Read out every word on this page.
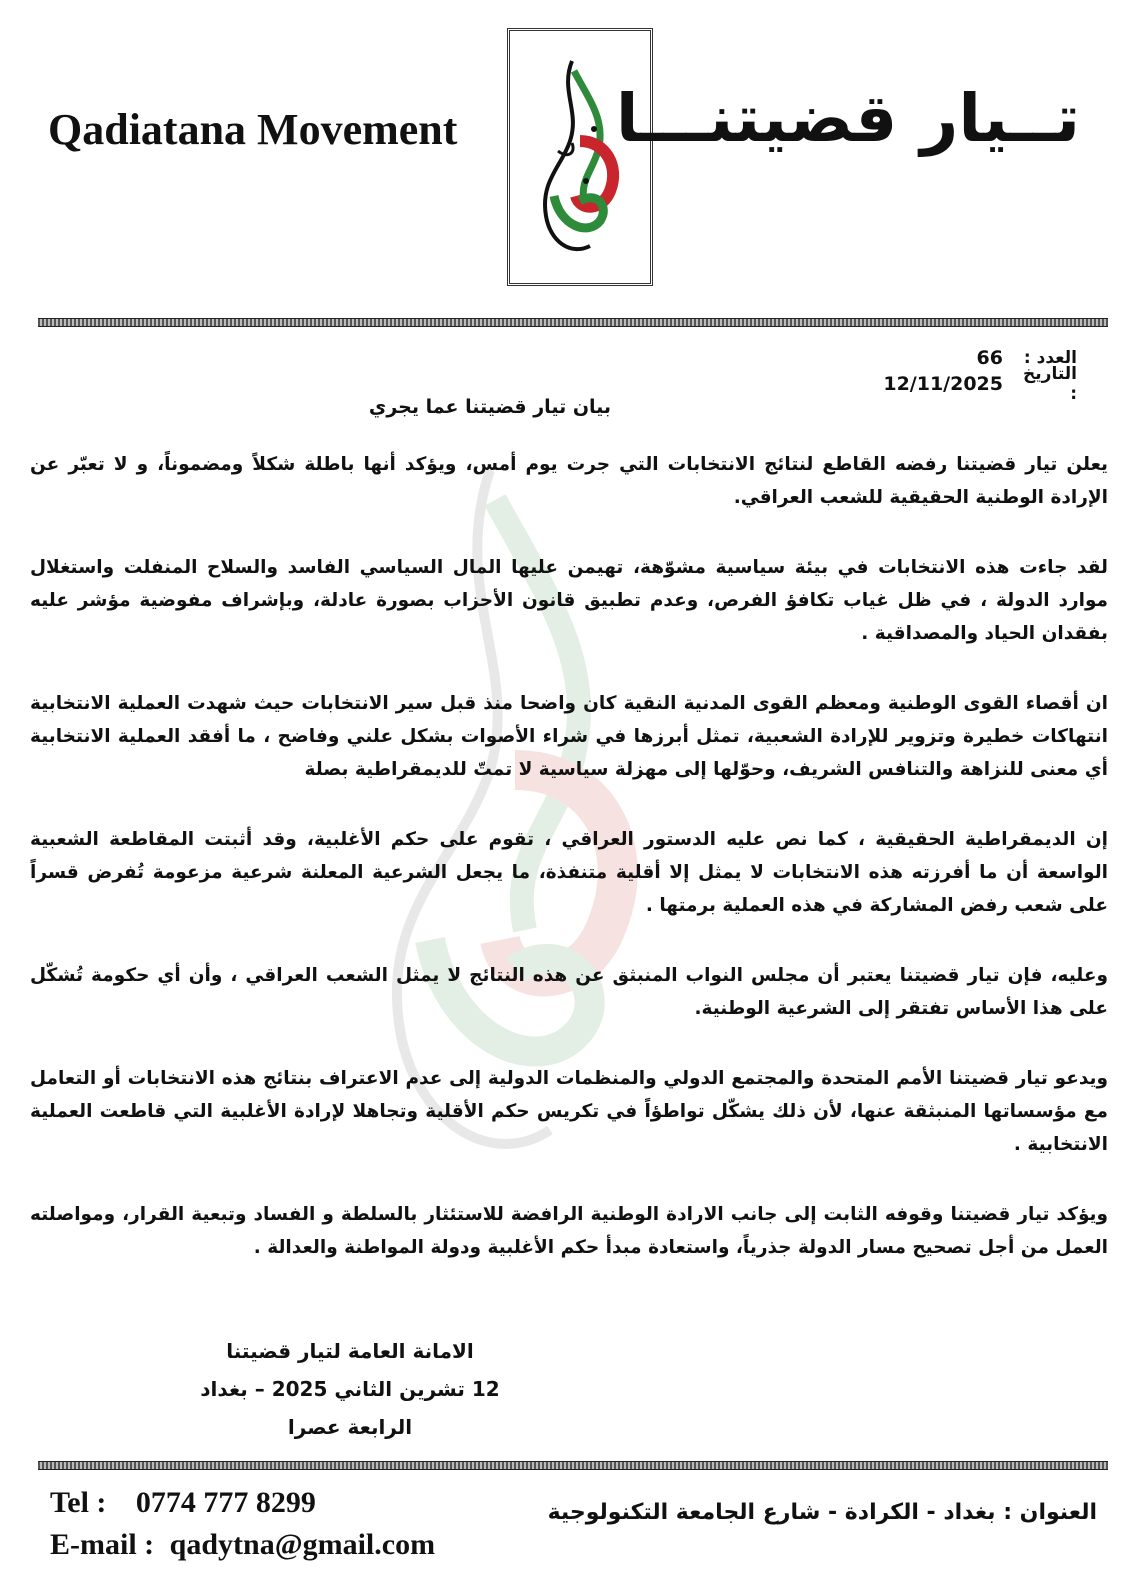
Qadiatana Movement تــيار قضيتنـــا
العدد :
66
التاريخ :
12/11/2025
بيان تيار قضيتنا عما يجري

يعلن تيار قضيتنا رفضه القاطع لنتائج الانتخابات التي جرت يوم أمس، ويؤكد أنها باطلة شكلاً ومضموناً، و لا تعبّر عن الإرادة الوطنية الحقيقية للشعب العراقي.

لقد جاءت هذه الانتخابات في بيئة سياسية مشوّهة، تهيمن عليها المال السياسي الفاسد والسلاح المنفلت واستغلال موارد الدولة ، في ظل غياب تكافؤ الفرص، وعدم تطبيق قانون الأحزاب بصورة عادلة، وبإشراف مفوضية مؤشر عليه بفقدان الحياد والمصداقية .

ان أقصاء القوى الوطنية ومعظم القوى المدنية النقية كان واضحا منذ قبل سير الانتخابات حيث شهدت العملية الانتخابية انتهاكات خطيرة وتزوير للإرادة الشعبية، تمثل أبرزها في شراء الأصوات بشكل علني وفاضح ، ما أفقد العملية الانتخابية أي معنى للنزاهة والتنافس الشريف، وحوّلها إلى مهزلة سياسية لا تمتّ للديمقراطية بصلة

إن الديمقراطية الحقيقية ، كما نص عليه الدستور العراقي ، تقوم على حكم الأغلبية، وقد أثبتت المقاطعة الشعبية الواسعة أن ما أفرزته هذه الانتخابات لا يمثل إلا أقلية متنفذة، ما يجعل الشرعية المعلنة شرعية مزعومة تُفرض قسراً على شعب رفض المشاركة في هذه العملية برمتها .

وعليه، فإن تيار قضيتنا يعتبر أن مجلس النواب المنبثق عن هذه النتائج لا يمثل الشعب العراقي ، وأن أي حكومة تُشكّل على هذا الأساس تفتقر إلى الشرعية الوطنية.

ويدعو تيار قضيتنا الأمم المتحدة والمجتمع الدولي والمنظمات الدولية إلى عدم الاعتراف بنتائج هذه الانتخابات أو التعامل مع مؤسساتها المنبثقة عنها، لأن ذلك يشكّل تواطؤاً في تكريس حكم الأقلية وتجاهلا لإرادة الأغلبية التي قاطعت العملية الانتخابية .

ويؤكد تيار قضيتنا وقوفه الثابت إلى جانب الارادة الوطنية الرافضة للاستئثار بالسلطة و الفساد وتبعية القرار، ومواصلته العمل من أجل تصحيح مسار الدولة جذرياً، واستعادة مبدأ حكم الأغلبية ودولة المواطنة والعدالة .

الامانة العامة لتيار قضيتنا
12 تشرين الثاني 2025 – بغداد
الرابعة عصرا
Tel : 0774 777 8299
E-mail : qadytna@gmail.com
العنوان : بغداد - الكرادة - شارع الجامعة التكنولوجية
